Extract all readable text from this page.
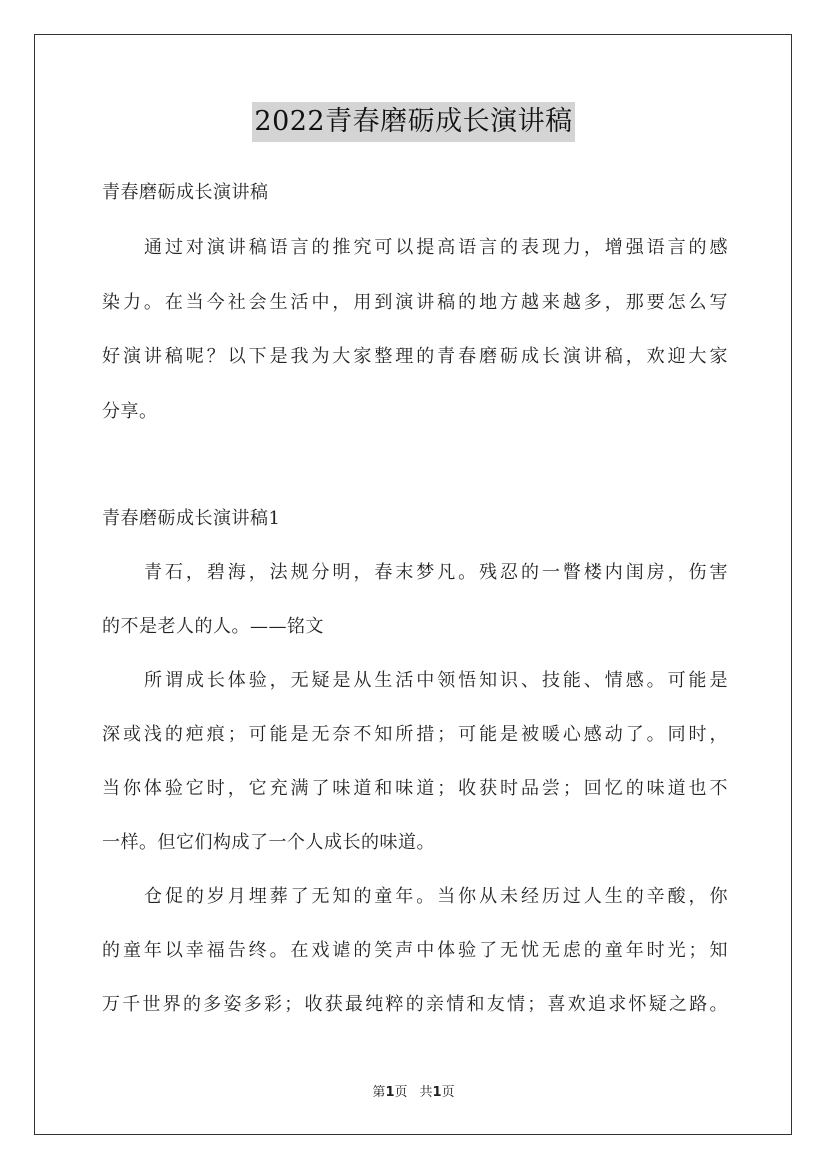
2022青春磨砺成长演讲稿
青春磨砺成长演讲稿
通过对演讲稿语言的推究可以提高语言的表现力，增强语言的感
染力。在当今社会生活中，用到演讲稿的地方越来越多，那要怎么写
好演讲稿呢？以下是我为大家整理的青春磨砺成长演讲稿，欢迎大家
分享。
青春磨砺成长演讲稿1
青石，碧海，法规分明，春末梦凡。残忍的一瞥楼内闺房，伤害
的不是老人的人。——铭文
所谓成长体验，无疑是从生活中领悟知识、技能、情感。可能是
深或浅的疤痕；可能是无奈不知所措；可能是被暖心感动了。同时，
当你体验它时，它充满了味道和味道；收获时品尝；回忆的味道也不
一样。但它们构成了一个人成长的味道。
仓促的岁月埋葬了无知的童年。当你从未经历过人生的辛酸，你
的童年以幸福告终。在戏谑的笑声中体验了无忧无虑的童年时光；知
万千世界的多姿多彩；收获最纯粹的亲情和友情；喜欢追求怀疑之路。
第1页 共1页
